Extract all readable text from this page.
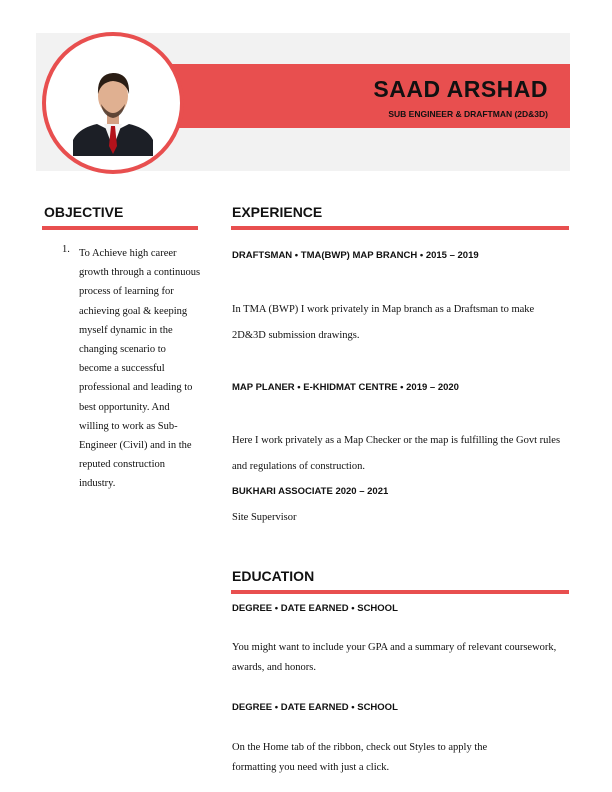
SAAD ARSHAD
SUB ENGINEER & DRAFTMAN (2D&3D)
OBJECTIVE
1. To Achieve high career growth through a continuous process of learning for achieving goal & keeping myself dynamic in the changing scenario to become a successful professional and leading to best opportunity. And willing to work as Sub-Engineer (Civil) and in the reputed construction industry.
EXPERIENCE
DRAFTSMAN • TMA(BWP) MAP BRANCH • 2015 – 2019
In TMA (BWP) I work privately in Map branch as a Draftsman to make 2D&3D submission drawings.
MAP PLANER • E-KHIDMAT CENTRE • 2019 – 2020
Here I work privately as a Map Checker or the map is fulfilling the Govt rules and regulations of construction.
BUKHARI ASSOCIATE 2020 – 2021
Site Supervisor
EDUCATION
DEGREE • DATE EARNED • SCHOOL
You might want to include your GPA and a summary of relevant coursework, awards, and honors.
DEGREE • DATE EARNED • SCHOOL
On the Home tab of the ribbon, check out Styles to apply the formatting you need with just a click.
